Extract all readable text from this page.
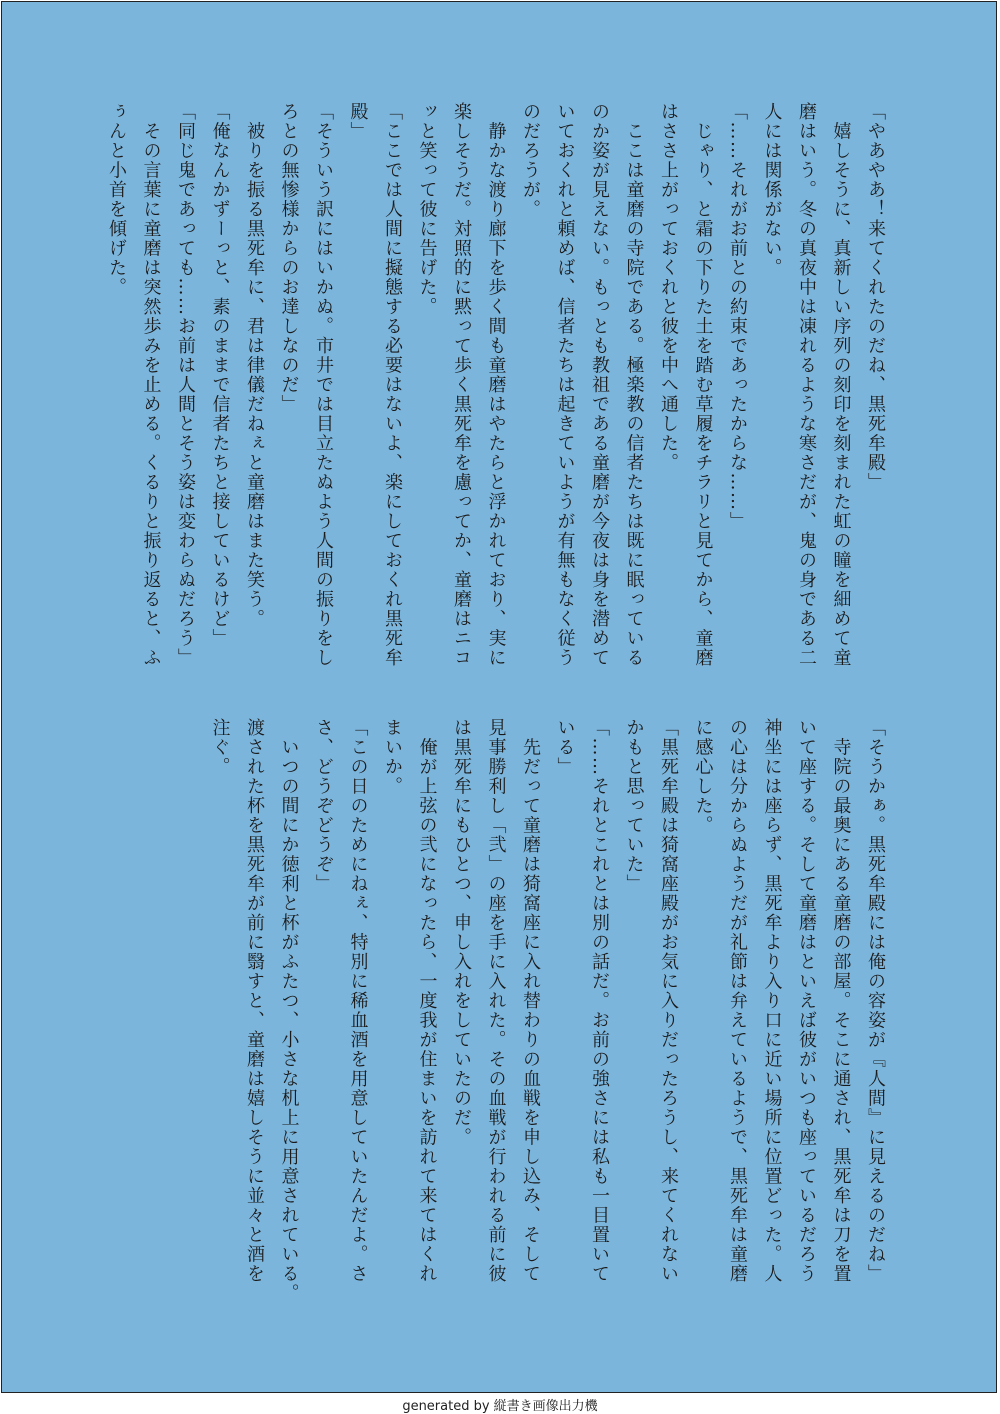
「やあやあ！来てくれたのだね、黒死牟殿」

　嬉しそうに、真新しい序列の刻印を刻まれた虹の瞳を細めて童

磨はいう。冬の真夜中は凍れるような寒さだが、鬼の身である二

人には関係がない。

「……それがお前との約束であったからな……」

　じゃり、と霜の下りた土を踏む草履をチラリと見てから、童磨

はささ上がっておくれと彼を中へ通した。

　ここは童磨の寺院である。極楽教の信者たちは既に眠っている

のか姿が見えない。もっとも教祖である童磨が今夜は身を潜めて

いておくれと頼めば、信者たちは起きていようが有無もなく従う

のだろうが。

　静かな渡り廊下を歩く間も童磨はやたらと浮かれており、実に

楽しそうだ。対照的に黙って歩く黒死牟を慮ってか、童磨はニコ

ッと笑って彼に告げた。

「ここでは人間に擬態する必要はないよ、楽にしておくれ黒死牟

殿」

「そういう訳にはいかぬ。市井では目立たぬよう人間の振りをし

ろとの無惨様からのお達しなのだ」

　被りを振る黒死牟に、君は律儀だねぇと童磨はまた笑う。

「俺なんかずーっと、素のままで信者たちと接しているけど」

「同じ鬼であっても……お前は人間とそう姿は変わらぬだろう」

　その言葉に童磨は突然歩みを止める。くるりと振り返ると、ふ

ぅんと小首を傾げた。

「そうかぁ。黒死牟殿には俺の容姿が『人間』に見えるのだね」

　寺院の最奥にある童磨の部屋。そこに通され、黒死牟は刀を置

いて座する。そして童磨はといえば彼がいつも座っているだろう

神坐には座らず、黒死牟より入り口に近い場所に位置どった。人

の心は分からぬようだが礼節は弁えているようで、黒死牟は童磨

に感心した。

「黒死牟殿は猗窩座殿がお気に入りだったろうし、来てくれない

かもと思っていた」

「……それとこれとは別の話だ。お前の強さには私も一目置いて

いる」

　先だって童磨は猗窩座に入れ替わりの血戦を申し込み、そして

見事勝利し「弐」の座を手に入れた。その血戦が行われる前に彼

は黒死牟にもひとつ、申し入れをしていたのだ。

　俺が上弦の弐になったら、一度我が住まいを訪れて来てはくれ

まいか。

「この日のためにねぇ、特別に稀血酒を用意していたんだよ。さ

さ、どうぞどうぞ」

　いつの間にか徳利と杯がふたつ、小さな机上に用意されている。

渡された杯を黒死牟が前に翳すと、童磨は嬉しそうに並々と酒を

注ぐ。

generated by 縦書き画像出力機
